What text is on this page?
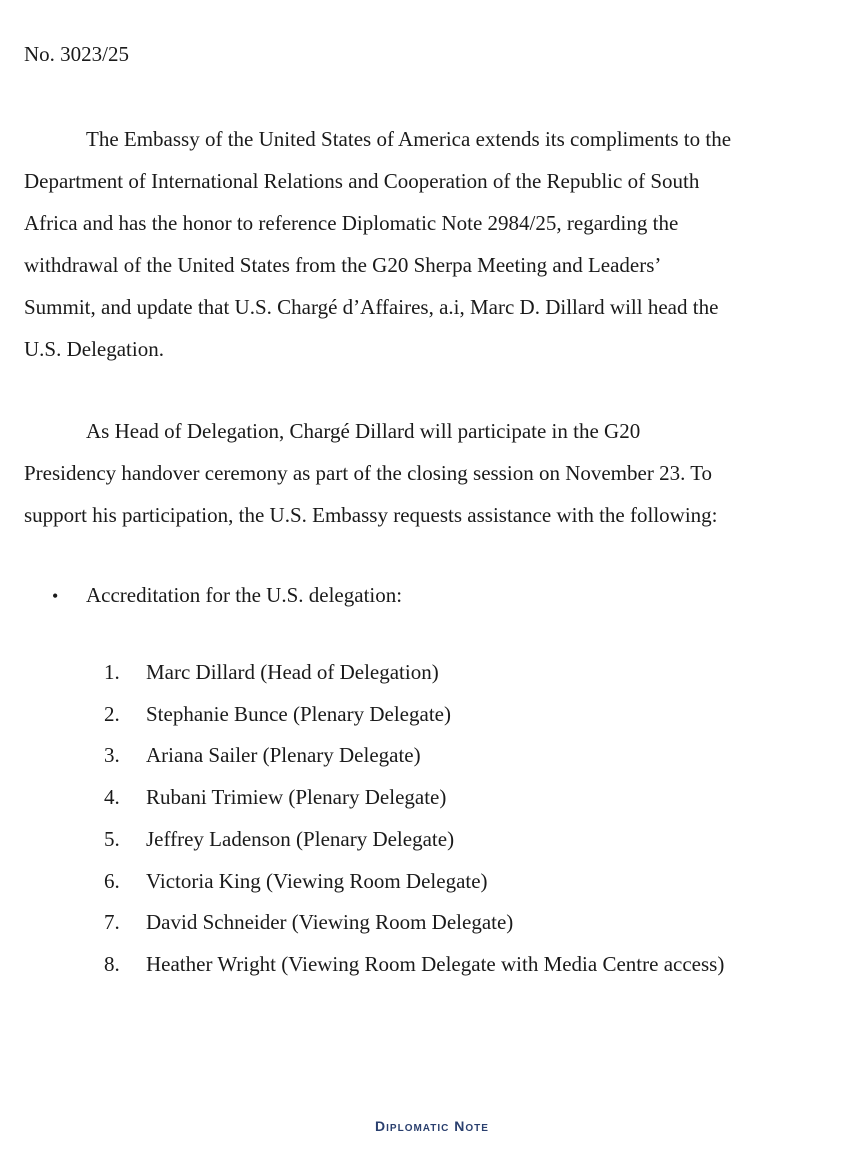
No. 3023/25

The Embassy of the United States of America extends its compliments to the
Department of International Relations and Cooperation of the Republic of South
Africa and has the honor to reference Diplomatic Note 2984/25, regarding the
withdrawal of the United States from the G20 Sherpa Meeting and Leaders’
Summit, and update that U.S. Chargé d’Affaires, a.i, Marc D. Dillard will head the
U.S. Delegation.

As Head of Delegation, Chargé Dillard will participate in the G20
Presidency handover ceremony as part of the closing session on November 23. To
support his participation, the U.S. Embassy requests assistance with the following:

• Accreditation for the U.S. delegation:
1. Marc Dillard (Head of Delegation)
2. Stephanie Bunce (Plenary Delegate)
3. Ariana Sailer (Plenary Delegate)
4. Rubani Trimiew (Plenary Delegate)
5. Jeffrey Ladenson (Plenary Delegate)
6. Victoria King (Viewing Room Delegate)
7. David Schneider (Viewing Room Delegate)
8. Heather Wright (Viewing Room Delegate with Media Centre access)
Diplomatic Note
